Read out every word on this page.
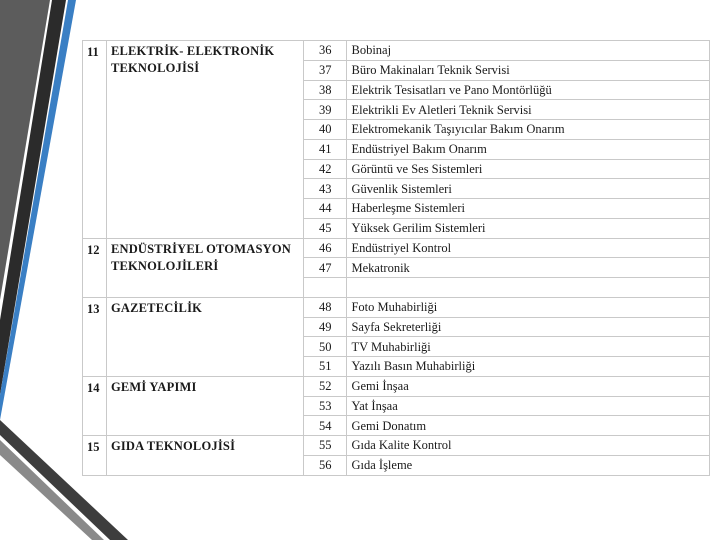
11	ELEKTRİK- ELEKTRONİK TEKNOLOJİSİ	36	Bobinaj
		37	Büro Makinaları Teknik Servisi
		38	Elektrik Tesisatları ve Pano Montörlüğü
		39	Elektrikli Ev Aletleri Teknik Servisi
		40	Elektromekanik Taşıyıcılar Bakım Onarım
		41	Endüstriyel Bakım Onarım
		42	Görüntü ve Ses Sistemleri
		43	Güvenlik Sistemleri
		44	Haberleşme Sistemleri
		45	Yüksek Gerilim Sistemleri
12	ENDÜSTRİYEL OTOMASYON TEKNOLOJİLERİ	46	Endüstriyel Kontrol
		47	Mekatronik

13	GAZETECİLİK	48	Foto Muhabirliği
		49	Sayfa Sekreterliği
		50	TV Muhabirliği
		51	Yazılı Basın Muhabirliği
14	GEMİ YAPIMI	52	Gemi İnşaa
		53	Yat İnşaa
		54	Gemi Donatım
15	GIDA TEKNOLOJİSİ	55	Gıda Kalite Kontrol
		56	Gıda İşleme
